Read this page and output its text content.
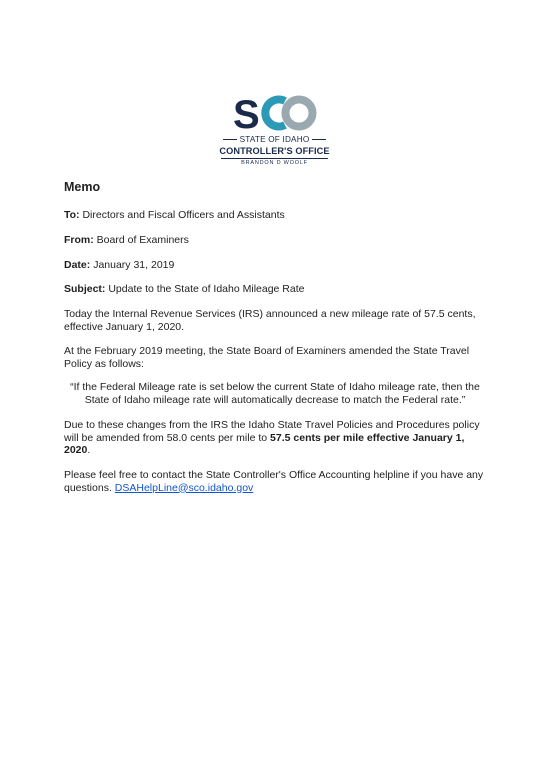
S
STATE OF IDAHO
CONTROLLER'S OFFICE
BRANDON D WOOLF
Memo
To: Directors and Fiscal Officers and Assistants
From: Board of Examiners
Date: January 31, 2019
Subject: Update to the State of Idaho Mileage Rate

Today the Internal Revenue Services (IRS) announced a new mileage rate of 57.5 cents, effective January 1, 2020.

At the February 2019 meeting, the State Board of Examiners amended the State Travel Policy as follows:

“If the Federal Mileage rate is set below the current State of Idaho mileage rate, then the State of Idaho mileage rate will automatically decrease to match the Federal rate.”

Due to these changes from the IRS the Idaho State Travel Policies and Procedures policy will be amended from 58.0 cents per mile to 57.5 cents per mile effective January 1, 2020.

Please feel free to contact the State Controller's Office Accounting helpline if you have any questions. DSAHelpLine@sco.idaho.gov
